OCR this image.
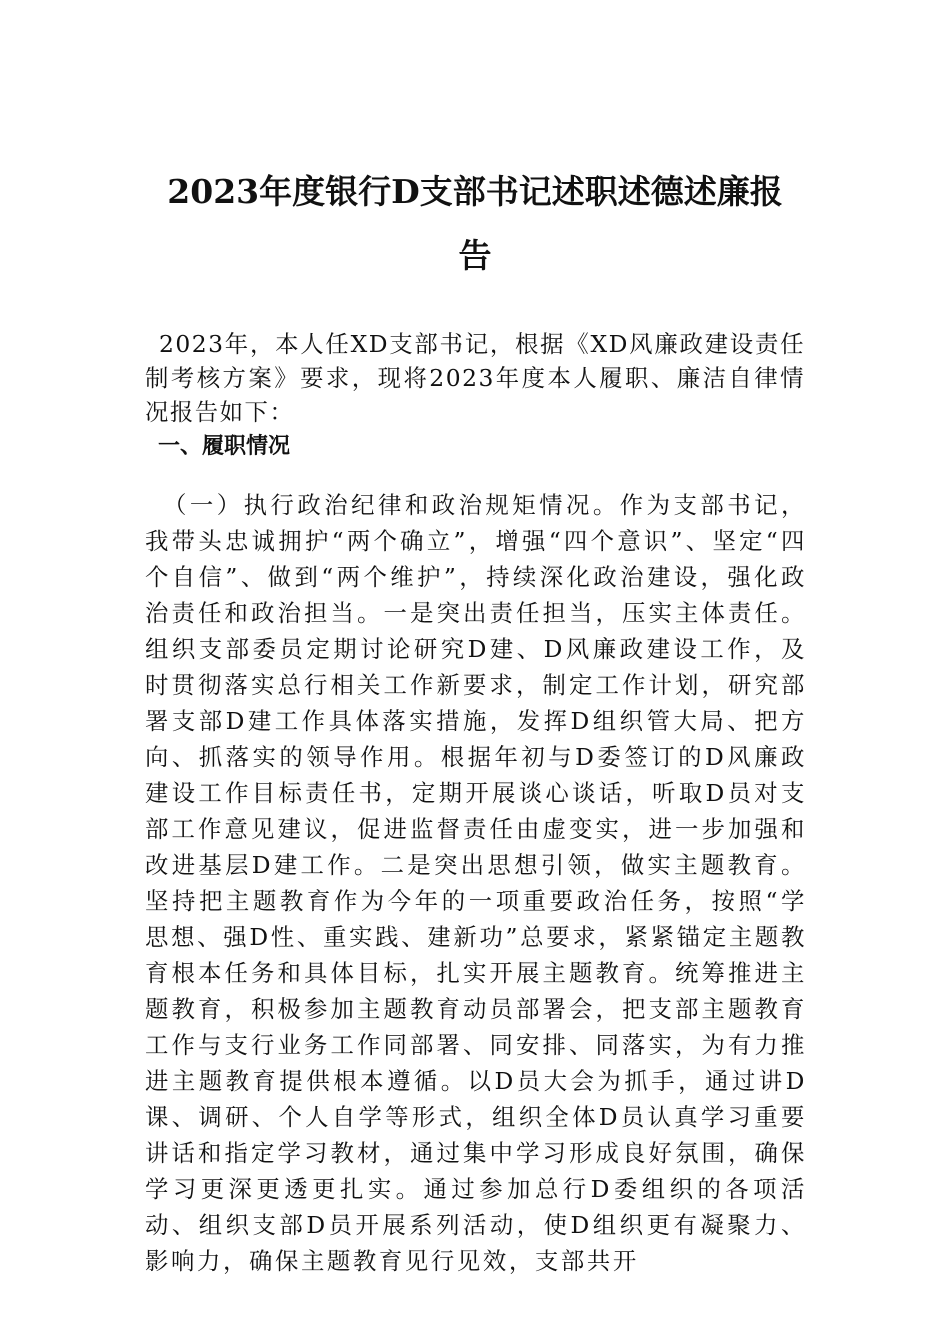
2023年度银行D支部书记述职述德述廉报
告

2023年，本人任XD支部书记，根据《XD风廉政建设责任制考核方案》要求，现将2023年度本人履职、廉洁自律情况报告如下：

一、履职情况

（一）执行政治纪律和政治规矩情况。作为支部书记，我带头忠诚拥护“两个确立”，增强“四个意识”、坚定“四个自信”、做到“两个维护”，持续深化政治建设，强化政治责任和政治担当。一是突出责任担当，压实主体责任。组织支部委员定期讨论研究D建、D风廉政建设工作，及时贯彻落实总行相关工作新要求，制定工作计划，研究部署支部D建工作具体落实措施，发挥D组织管大局、把方向、抓落实的领导作用。根据年初与D委签订的D风廉政建设工作目标责任书，定期开展谈心谈话，听取D员对支部工作意见建议，促进监督责任由虚变实，进一步加强和改进基层D建工作。二是突出思想引领，做实主题教育。坚持把主题教育作为今年的一项重要政治任务，按照“学思想、强D性、重实践、建新功”总要求，紧紧锚定主题教育根本任务和具体目标，扎实开展主题教育。统筹推进主题教育，积极参加主题教育动员部署会，把支部主题教育工作与支行业务工作同部署、同安排、同落实，为有力推进主题教育提供根本遵循。以D员大会为抓手，通过讲D课、调研、个人自学等形式，组织全体D员认真学习重要讲话和指定学习教材，通过集中学习形成良好氛围，确保学习更深更透更扎实。通过参加总行D委组织的各项活动、组织支部D员开展系列活动，使D组织更有凝聚力、影响力，确保主题教育见行见效，支部共开
